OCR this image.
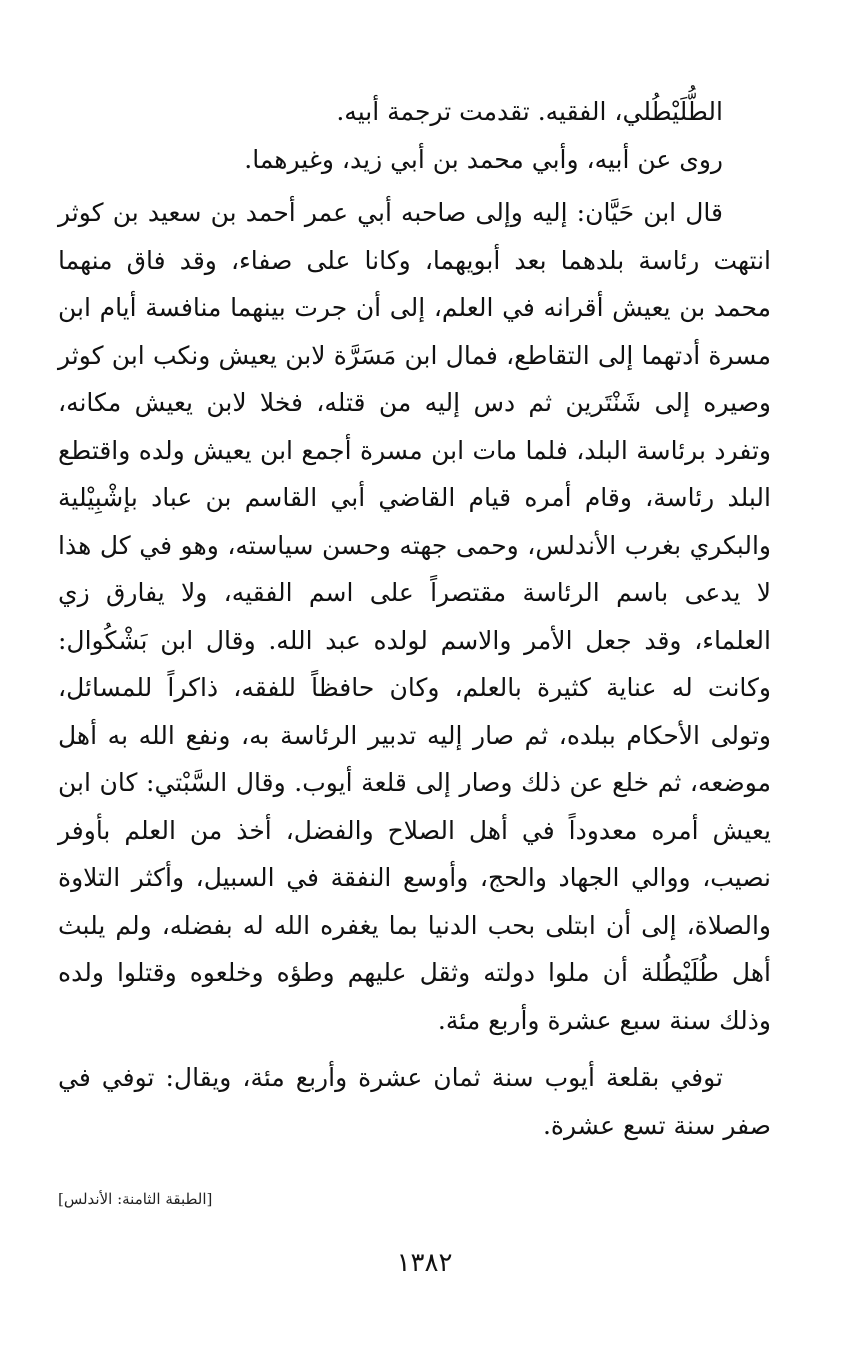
الطُّلَيْطُلي، الفقيه. تقدمت ترجمة أبيه.

روى عن أبيه، وأبي محمد بن أبي زيد، وغيرهما.

قال ابن حَيَّان: إليه وإلى صاحبه أبي عمر أحمد بن سعيد بن كوثر انتهت رئاسة بلدهما بعد أبويهما، وكانا على صفاء، وقد فاق منهما محمد بن يعيش أقرانه في العلم، إلى أن جرت بينهما منافسة أيام ابن مسرة أدتهما إلى التقاطع، فمال ابن مَسَرَّة لابن يعيش ونكب ابن كوثر وصيره إلى شَنْتَرين ثم دس إليه من قتله، فخلا لابن يعيش مكانه، وتفرد برئاسة البلد، فلما مات ابن مسرة أجمع ابن يعيش ولده واقتطع البلد رئاسة، وقام أمره قيام القاضي أبي القاسم بن عباد بإشْبِيْلية والبكري بغرب الأندلس، وحمى جهته وحسن سياسته، وهو في كل هذا لا يدعى باسم الرئاسة مقتصراً على اسم الفقيه، ولا يفارق زي العلماء، وقد جعل الأمر والاسم لولده عبد الله. وقال ابن بَشْكُوال: وكانت له عناية كثيرة بالعلم، وكان حافظاً للفقه، ذاكراً للمسائل، وتولى الأحكام ببلده، ثم صار إليه تدبير الرئاسة به، ونفع الله به أهل موضعه، ثم خلع عن ذلك وصار إلى قلعة أيوب. وقال السَّبْتي: كان ابن يعيش أمره معدوداً في أهل الصلاح والفضل، أخذ من العلم بأوفر نصيب، ووالي الجهاد والحج، وأوسع النفقة في السبيل، وأكثر التلاوة والصلاة، إلى أن ابتلى بحب الدنيا بما يغفره الله له بفضله، ولم يلبث أهل طُلَيْطُلة أن ملوا دولته وثقل عليهم وطؤه وخلعوه وقتلوا ولده وذلك سنة سبع عشرة وأربع مئة.

توفي بقلعة أيوب سنة ثمان عشرة وأربع مئة، ويقال: توفي في صفر سنة تسع عشرة.

[الطبقة الثامنة: الأندلس]
١٣٨٢
